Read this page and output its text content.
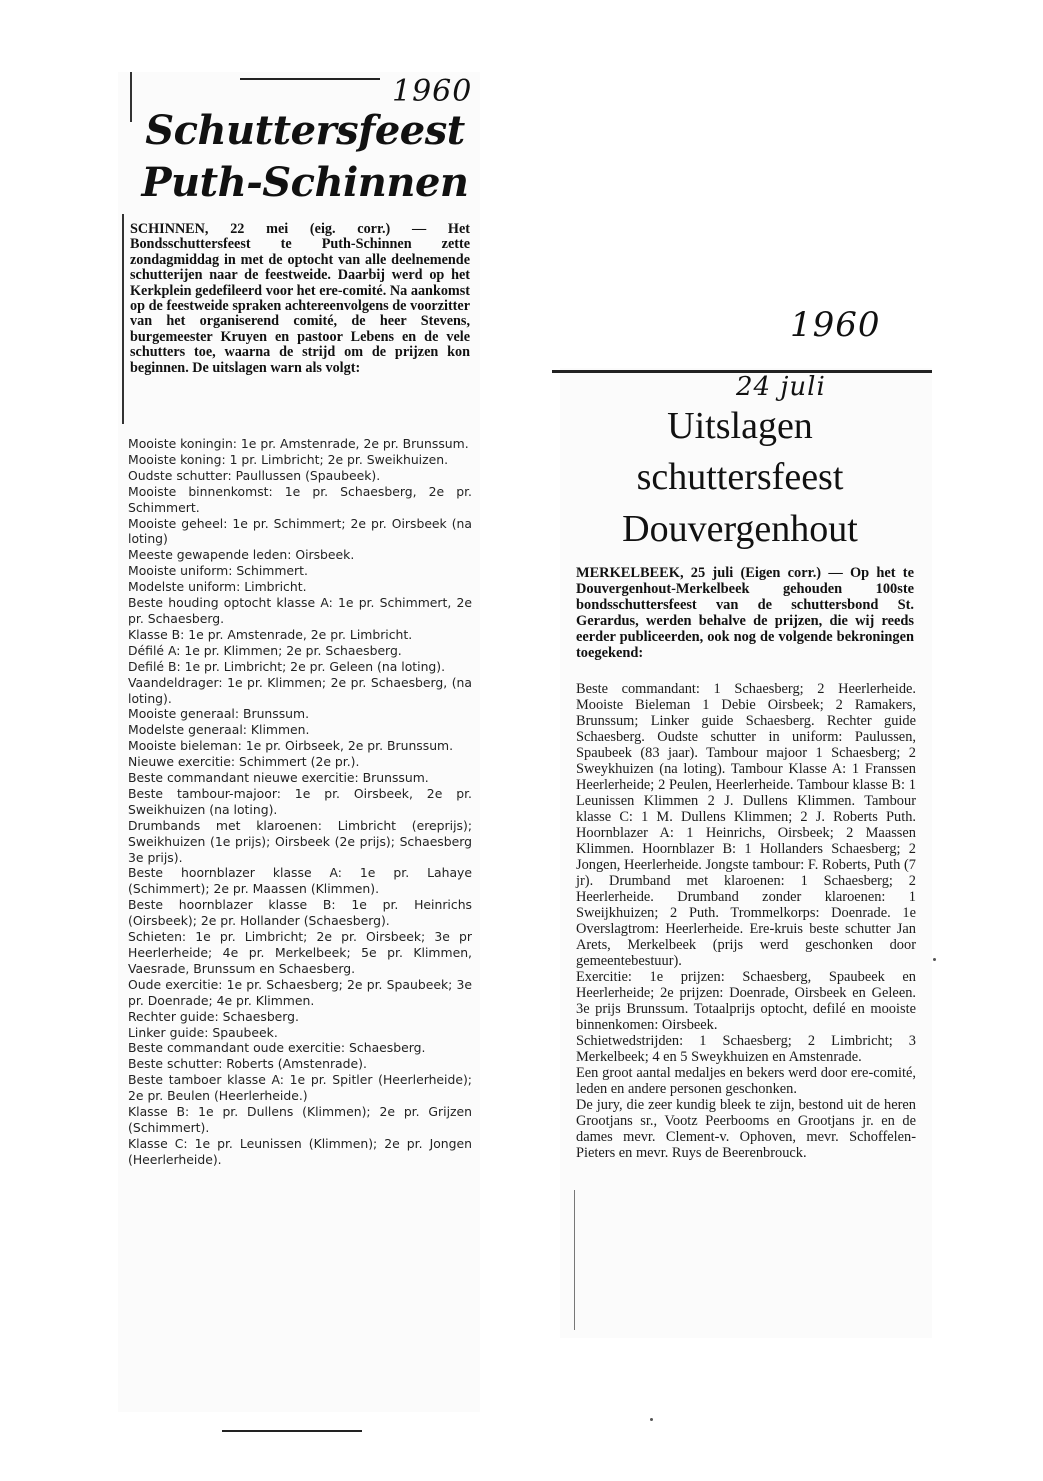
1960
Schuttersfeest
Puth-Schinnen
SCHINNEN, 22 mei (eig. corr.) — Het Bondsschuttersfeest te Puth-Schinnen zette zondagmiddag in met de optocht van alle deelnemende schutterijen naar de feestweide. Daarbij werd op het Kerkplein gedefileerd voor het ere-comité. Na aankomst op de feestweide spraken achtereenvolgens de voorzitter van het organiserend comité, de heer Stevens, burgemeester Kruyen en pastoor Lebens en de vele schutters toe, waarna de strijd om de prijzen kon beginnen. De uitslagen warn als volgt:

Mooiste koningin: 1e pr. Amstenrade, 2e pr. Brunssum.

Mooiste koning: 1 pr. Limbricht; 2e pr. Sweikhuizen.

Oudste schutter: Paullussen (Spaubeek).

Mooiste binnenkomst: 1e pr. Schaesberg, 2e pr. Schimmert.

Mooiste geheel: 1e pr. Schimmert; 2e pr. Oirsbeek (na loting)

Meeste gewapende leden: Oirsbeek.

Mooiste uniform: Schimmert.

Modelste uniform: Limbricht.

Beste houding optocht klasse A: 1e pr. Schimmert, 2e pr. Schaesberg.

Klasse B: 1e pr. Amstenrade, 2e pr. Limbricht.

Défilé A: 1e pr. Klimmen; 2e pr. Schaesberg.

Defilé B: 1e pr. Limbricht; 2e pr. Geleen (na loting).

Vaandeldrager: 1e pr. Klimmen; 2e pr. Schaesberg, (na loting).

Mooiste generaal: Brunssum.

Modelste generaal: Klimmen.

Mooiste bieleman: 1e pr. Oirbseek, 2e pr. Brunssum.

Nieuwe exercitie: Schimmert (2e pr.).

Beste commandant nieuwe exercitie: Brunssum.

Beste tambour-majoor: 1e pr. Oirsbeek, 2e pr. Sweikhuizen (na loting).

Drumbands met klaroenen: Limbricht (ereprijs); Sweikhuizen (1e prijs); Oirsbeek (2e prijs); Schaesberg 3e prijs).

Beste hoornblazer klasse A: 1e pr. Lahaye (Schimmert); 2e pr. Maassen (Klimmen).

Beste hoornblazer klasse B: 1e pr. Heinrichs (Oirsbeek); 2e pr. Hollander (Schaesberg).

Schieten: 1e pr. Limbricht; 2e pr. Oirsbeek; 3e pr Heerlerheide; 4e pr. Merkelbeek; 5e pr. Klimmen, Vaesrade, Brunssum en Schaesberg.

Oude exercitie: 1e pr. Schaesberg; 2e pr. Spaubeek; 3e pr. Doenrade; 4e pr. Klimmen.

Rechter guide: Schaesberg.

Linker guide: Spaubeek.

Beste commandant oude exercitie: Schaesberg.

Beste schutter: Roberts (Amstenrade).

Beste tamboer klasse A: 1e pr. Spitler (Heerlerheide); 2e pr. Beulen (Heerlerheide.)

Klasse B: 1e pr. Dullens (Klimmen); 2e pr. Grijzen (Schimmert).

Klasse C: 1e pr. Leunissen (Klimmen); 2e pr. Jongen (Heerlerheide).

1960
24 juli
Uitslagen
schuttersfeest
Douvergenhout
MERKELBEEK, 25 juli (Eigen corr.) — Op het te Douvergenhout-Merkelbeek gehouden 100ste bondsschuttersfeest van de schuttersbond St. Gerardus, werden behalve de prijzen, die wij reeds eerder publiceerden, ook nog de volgende bekroningen toegekend:

Beste commandant: 1 Schaesberg; 2 Heerlerheide. Mooiste Bieleman 1 Debie Oirsbeek; 2 Ramakers, Brunssum; Linker guide Schaesberg. Rechter guide Schaesberg. Oudste schutter in uniform: Paulussen, Spaubeek (83 jaar). Tambour majoor 1 Schaesberg; 2 Sweykhuizen (na loting). Tambour Klasse A: 1 Franssen Heerlerheide; 2 Peulen, Heerlerheide. Tambour klasse B: 1 Leunissen Klimmen 2 J. Dullens Klimmen. Tambour klasse C: 1 M. Dullens Klimmen; 2 J. Roberts Puth. Hoornblazer A: 1 Heinrichs, Oirsbeek; 2 Maassen Klimmen. Hoornblazer B: 1 Hollanders Schaesberg; 2 Jongen, Heerlerheide. Jongste tambour: F. Roberts, Puth (7 jr). Drumband met klaroenen: 1 Schaesberg; 2 Heerlerheide. Drumband zonder klaroenen: 1 Sweijkhuizen; 2 Puth. Trommelkorps: Doenrade. 1e Overslagtrom: Heerlerheide. Ere-kruis beste schutter Jan Arets, Merkelbeek (prijs werd geschonken door gemeentebestuur).

Exercitie: 1e prijzen: Schaesberg, Spaubeek en Heerlerheide; 2e prijzen: Doenrade, Oirsbeek en Geleen. 3e prijs Brunssum. Totaalprijs optocht, defilé en mooiste binnenkomen: Oirsbeek.

Schietwedstrijden: 1 Schaesberg; 2 Limbricht; 3 Merkelbeek; 4 en 5 Sweykhuizen en Amstenrade.

Een groot aantal medaljes en bekers werd door ere-comité, leden en andere personen geschonken.

De jury, die zeer kundig bleek te zijn, bestond uit de heren Grootjans sr., Vootz Peerbooms en Grootjans jr. en de dames mevr. Clement-v. Ophoven, mevr. Schoffelen-Pieters en mevr. Ruys de Beerenbrouck.
